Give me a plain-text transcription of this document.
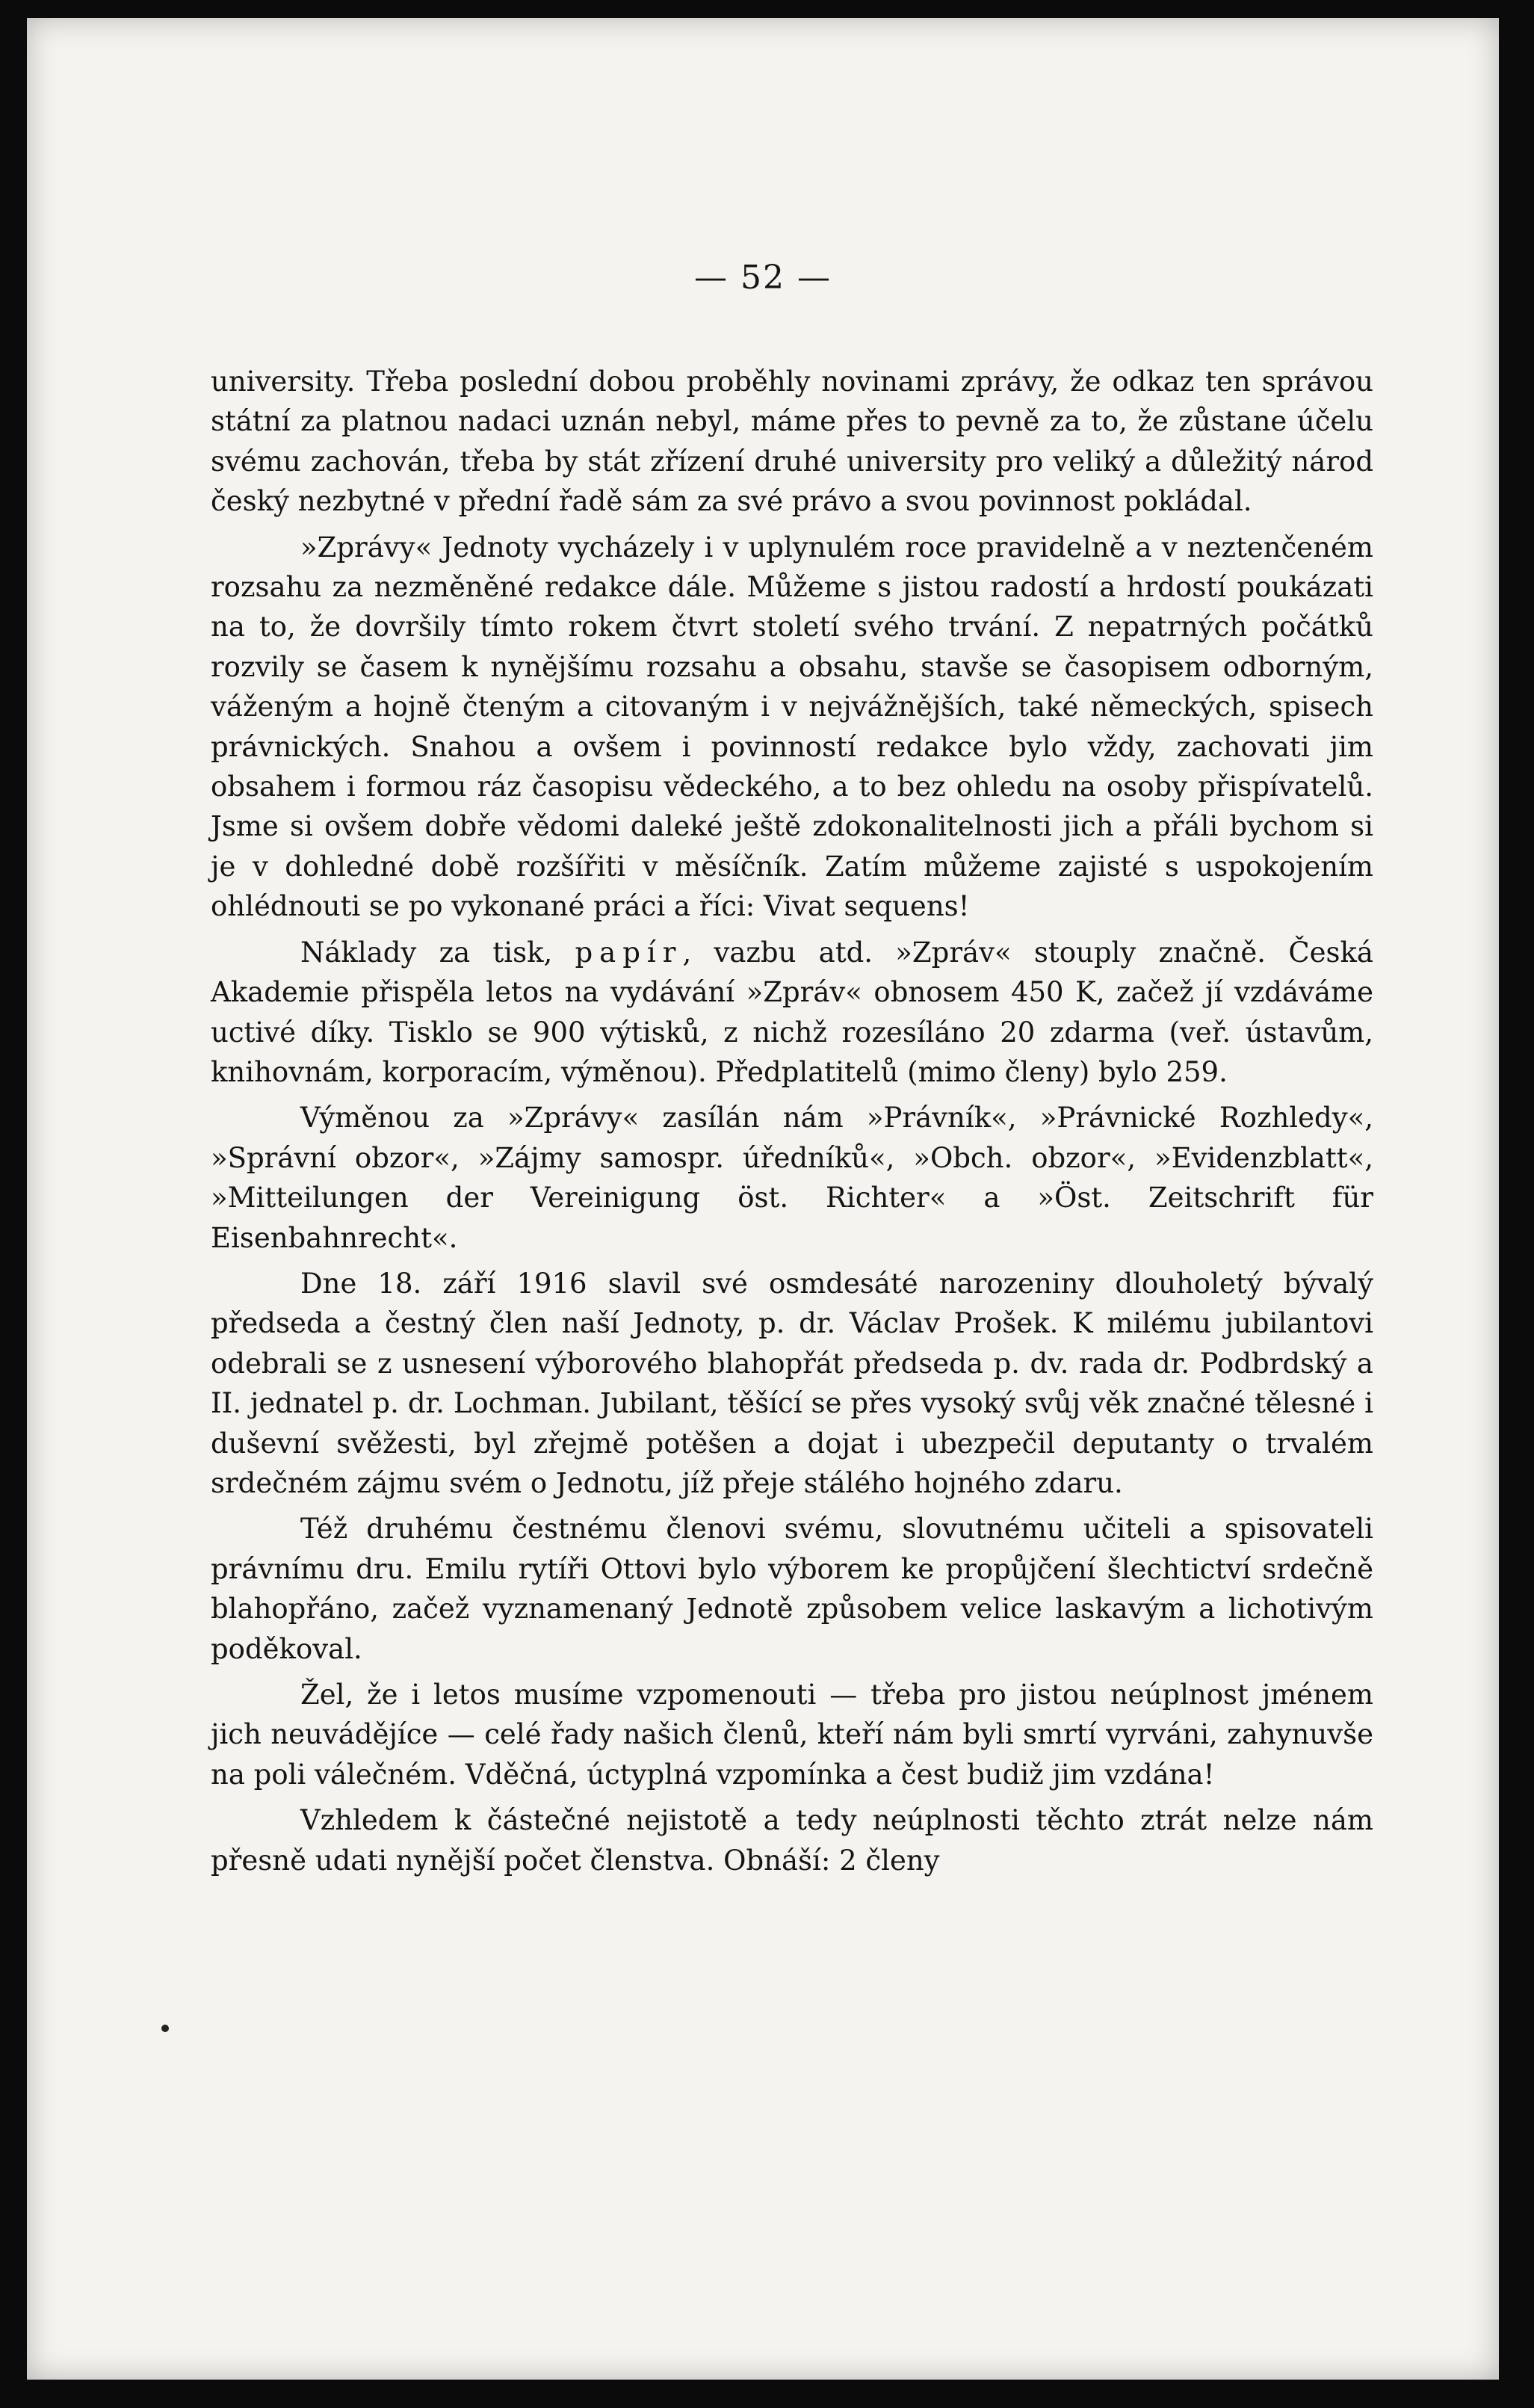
— 52 —

university. Třeba poslední dobou proběhly novinami zprávy, že odkaz ten správou státní za platnou nadaci uznán nebyl, máme přes to pevně za to, že zůstane účelu svému zachován, třeba by stát zřízení druhé university pro veliký a důležitý národ český nezbytné v přední řadě sám za své právo a svou povinnost pokládal.

»Zprávy« Jednoty vycházely i v uplynulém roce pravidelně a v neztenčeném rozsahu za nezměněné redakce dále. Můžeme s jistou radostí a hrdostí poukázati na to, že dovršily tímto rokem čtvrt století svého trvání. Z nepatrných počátků rozvily se časem k nynějšímu rozsahu a obsahu, stavše se časopisem odborným, váženým a hojně čteným a citovaným i v nejvážnějších, také německých, spisech právnických. Snahou a ovšem i povinností redakce bylo vždy, zachovati jim obsahem i formou ráz časopisu vědeckého, a to bez ohledu na osoby přispívatelů. Jsme si ovšem dobře vědomi daleké ještě zdokonalitelnosti jich a přáli bychom si je v dohledné době rozšířiti v měsíčník. Zatím můžeme zajisté s uspokojením ohlédnouti se po vykonané práci a říci: Vivat sequens!

Náklady za tisk, papír, vazbu atd. »Zpráv« stouply značně. Česká Akademie přispěla letos na vydávání »Zpráv« obnosem 450 K, začež jí vzdáváme uctivé díky. Tisklo se 900 výtisků, z nichž rozesíláno 20 zdarma (veř. ústavům, knihovnám, korporacím, výměnou). Předplatitelů (mimo členy) bylo 259.

Výměnou za »Zprávy« zasílán nám »Právník«, »Právnické Rozhledy«, »Správní obzor«, »Zájmy samospr. úředníků«, »Obch. obzor«, »Evidenzblatt«, »Mitteilungen der Vereinigung öst. Richter« a »Öst. Zeitschrift für Eisenbahnrecht«.

Dne 18. září 1916 slavil své osmdesáté narozeniny dlouholetý bývalý předseda a čestný člen naší Jednoty, p. dr. Václav Prošek. K milému jubilantovi odebrali se z usnesení výborového blahopřát předseda p. dv. rada dr. Podbrdský a II. jednatel p. dr. Lochman. Jubilant, těšící se přes vysoký svůj věk značné tělesné i duševní svěžesti, byl zřejmě potěšen a dojat i ubezpečil deputanty o trvalém srdečném zájmu svém o Jednotu, jíž přeje stálého hojného zdaru.

Též druhému čestnému členovi svému, slovutnému učiteli a spisovateli právnímu dru. Emilu rytíři Ottovi bylo výborem ke propůjčení šlechtictví srdečně blahopřáno, začež vyznamenaný Jednotě způsobem velice laskavým a lichotivým poděkoval.

Žel, že i letos musíme vzpomenouti — třeba pro jistou neúplnost jménem jich neuvádějíce — celé řady našich členů, kteří nám byli smrtí vyrváni, zahynuvše na poli válečném. Vděčná, úctyplná vzpomínka a čest budiž jim vzdána!

Vzhledem k částečné nejistotě a tedy neúplnosti těchto ztrát nelze nám přesně udati nynější počet členstva. Obnáší: 2 členy
